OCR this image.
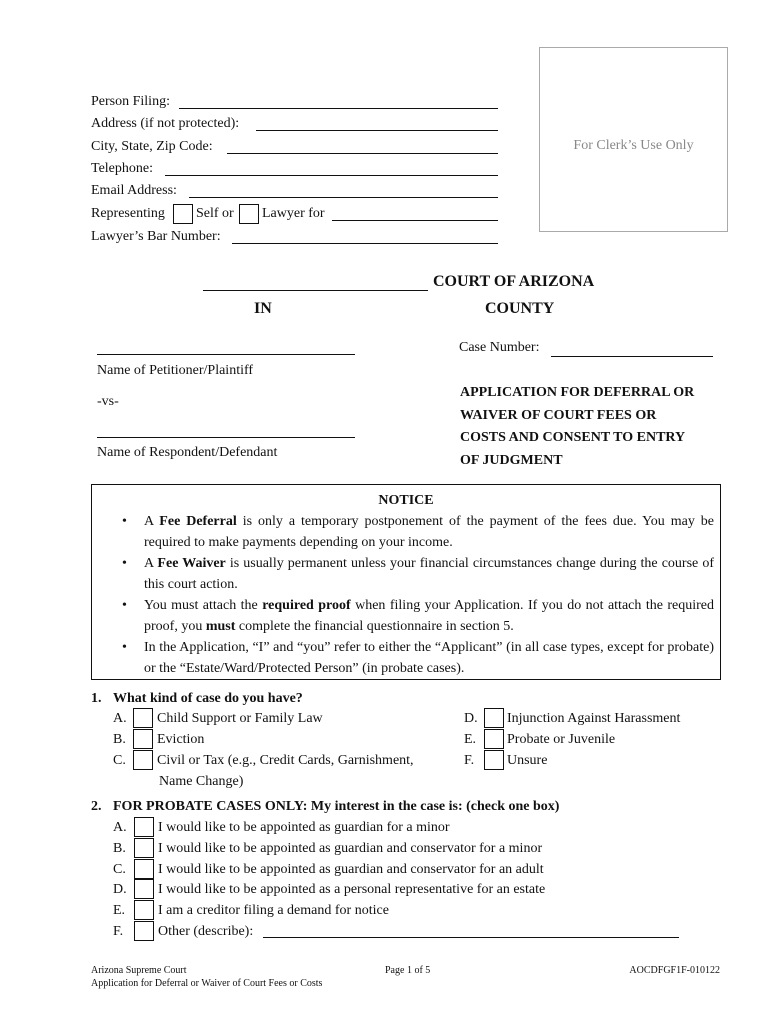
Person Filing:
Address (if not protected):
City, State, Zip Code:
Telephone:
Email Address:
Representing Self or Lawyer for
Lawyer’s Bar Number:
For Clerk’s Use Only
COURT OF ARIZONA
IN	COUNTY
Name of Petitioner/Plaintiff
-vs-
Name of Respondent/Defendant
Case Number:
APPLICATION FOR DEFERRAL OR
WAIVER OF COURT FEES OR
COSTS AND CONSENT TO ENTRY
OF JUDGMENT
NOTICE
• A Fee Deferral is only a temporary postponement of the payment of the fees due. You may be required to make payments depending on your income.
• A Fee Waiver is usually permanent unless your financial circumstances change during the course of this court action.
• You must attach the required proof when filing your Application. If you do not attach the required proof, you must complete the financial questionnaire in section 5.
• In the Application, “I” and “you” refer to either the “Applicant” (in all case types, except for probate) or the “Estate/Ward/Protected Person” (in probate cases).
1. What kind of case do you have?
A. Child Support or Family Law
B. Eviction
C. Civil or Tax (e.g., Credit Cards, Garnishment,
Name Change)
D. Injunction Against Harassment
E. Probate or Juvenile
F. Unsure
2. FOR PROBATE CASES ONLY: My interest in the case is: (check one box)
A. I would like to be appointed as guardian for a minor
B. I would like to be appointed as guardian and conservator for a minor
C. I would like to be appointed as guardian and conservator for an adult
D. I would like to be appointed as a personal representative for an estate
E. I am a creditor filing a demand for notice
F. Other (describe):
Arizona Supreme Court
Application for Deferral or Waiver of Court Fees or Costs
Page 1 of 5	AOCDFGF1F-010122
